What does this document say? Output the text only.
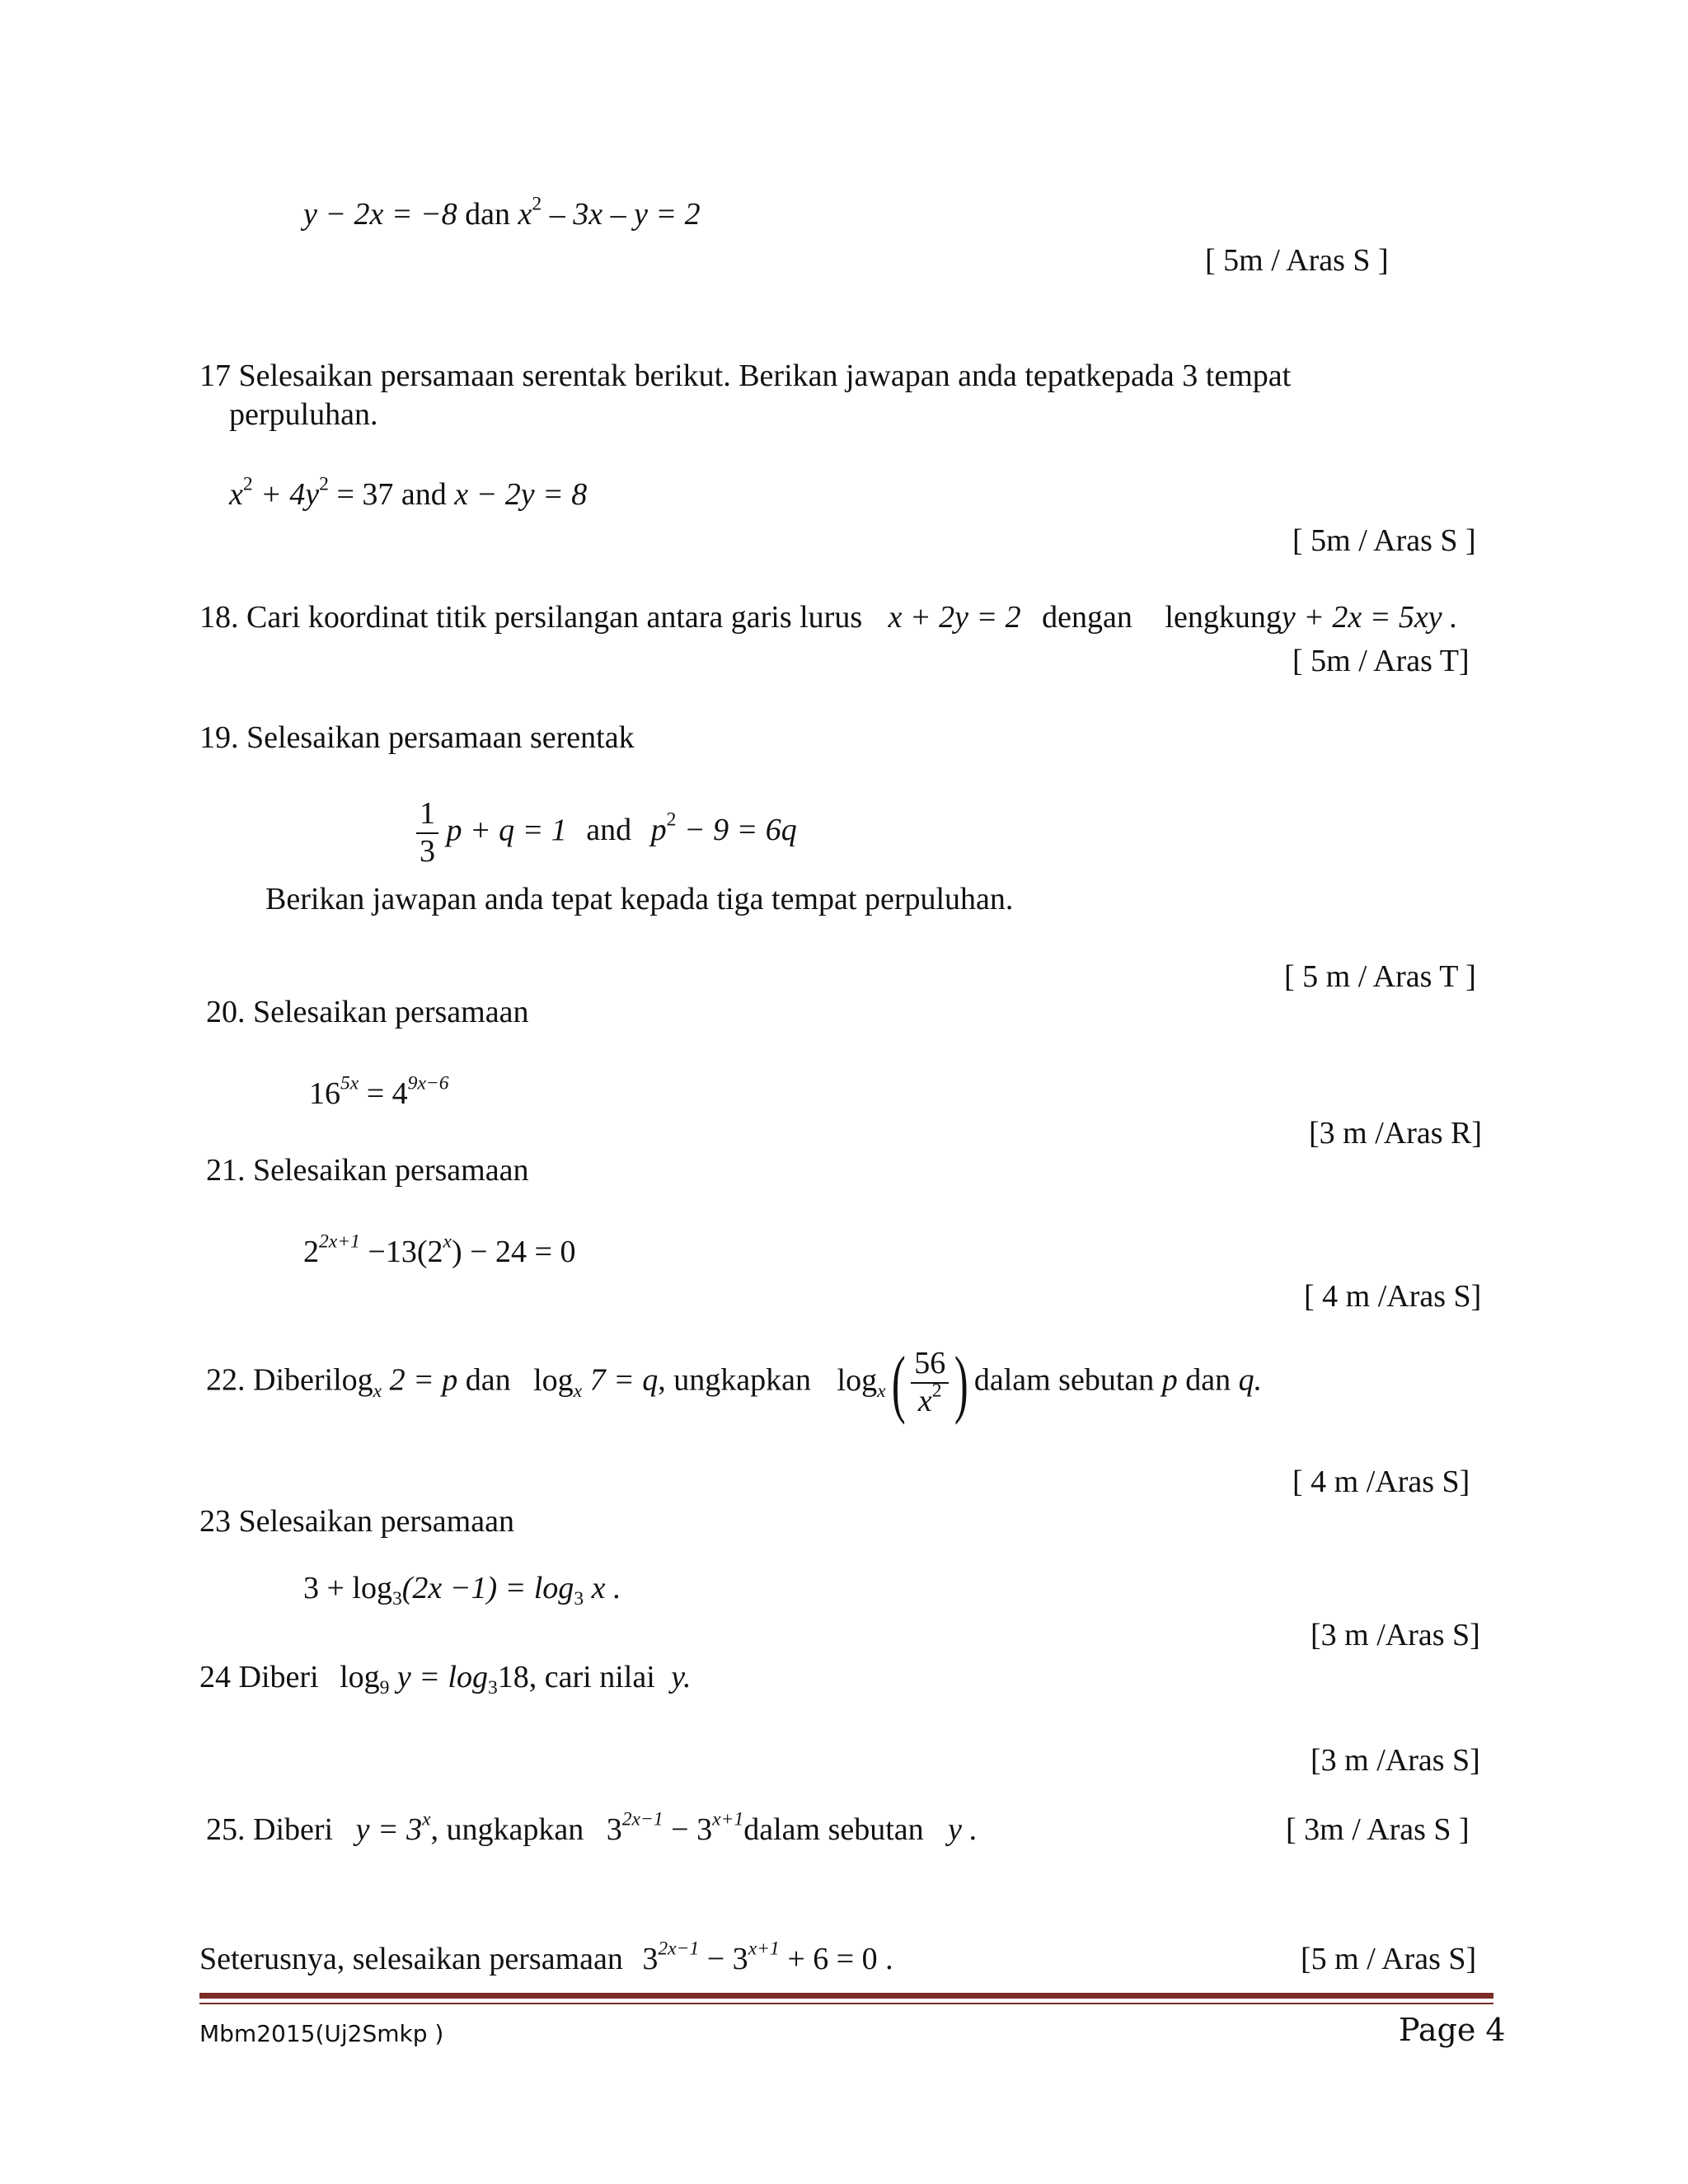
y − 2x = −8 dan $x^2 - 3x - y = 2$
[ 5m / Aras S ]
17 Selesaikan persamaan serentak berikut. Berikan jawapan anda tepatkepada 3 tempat
perpuluhan.
$x^2 + 4y^2 = 37$ and x − 2y = 8
[ 5m / Aras S ]
18. Cari koordinat titik persilangan antara garis lurus x + 2y = 2 dengan lengkungy + 2x = 5xy .
[ 5m / Aras T]
19. Selesaikan persamaan serentak
$\frac{1}{3}$ p + q = 1 and $p^2 - 9 = 6q$
Berikan jawapan anda tepat kepada tiga tempat perpuluhan.
[ 5 m / Aras T ]
20. Selesaikan persamaan
$16^{5x} = 4^{9x-6}$
[3 m /Aras R]
21. Selesaikan persamaan
$2^{2x+1} -13(2^x) - 24 = 0$
[ 4 m /Aras S]
22. Diberilog$_x$ 2 = p dan $\log_x 7 = q$, ungkapkan $\log_x( \frac{56}{x^2}$ ) dalam sebutan p dan q.
[ 4 m /Aras S]
23 Selesaikan persamaan
$3 + \log_3(2x -1) = \log_3 x$ .
[3 m /Aras S]
24 Diberi $\log_9 y = \log_318$, cari nilai y.
[3 m /Aras S]
25. Diberi $y = 3^x$, ungkapkan $3^{2x-1}$ − $3^{x+1}dalam$ sebutan y .	[ 3m / Aras S ]
Seterusnya, selesaikan persamaan $3^{2x-1} - 3^{x+1} + 6 = 0$ .	[5 m / Aras S]
Mbm2015(Uj2Smkp )	Page 4
